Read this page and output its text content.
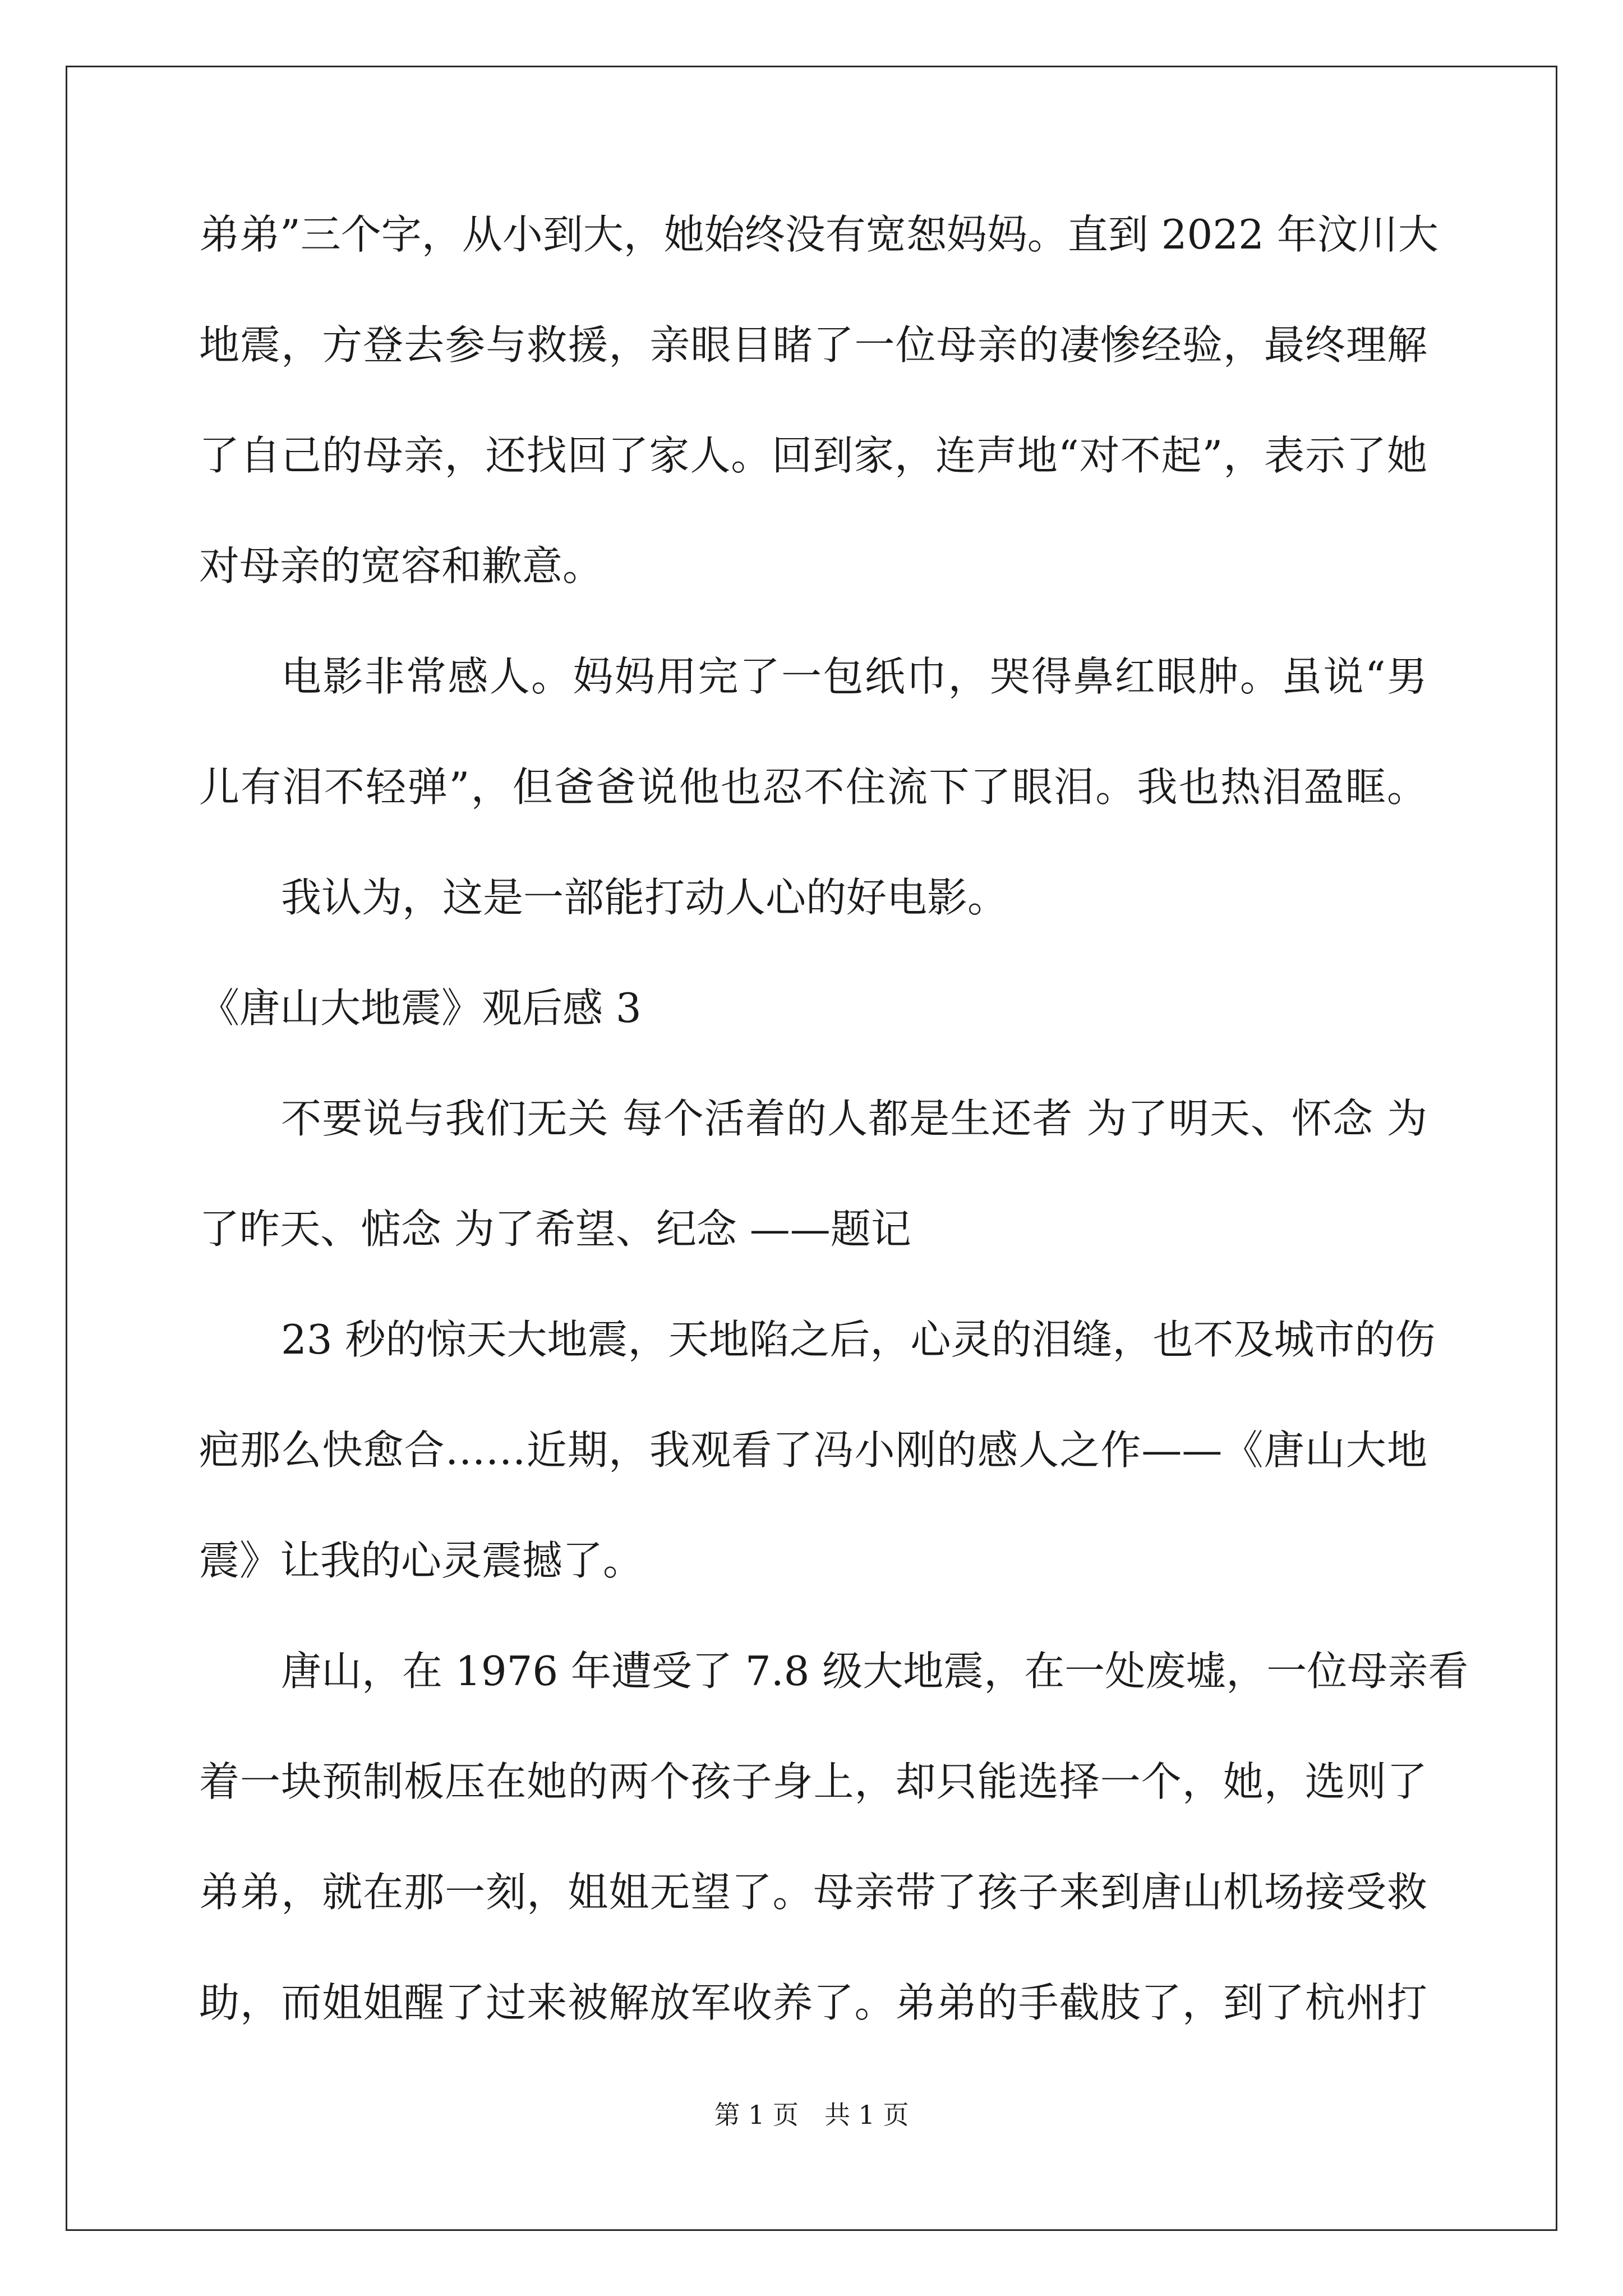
弟弟”三个字，从小到大，她始终没有宽恕妈妈。直到 2022 年汶川大
地震，方登去参与救援，亲眼目睹了一位母亲的凄惨经验，最终理解
了自己的母亲，还找回了家人。回到家，连声地“对不起”，表示了她
对母亲的宽容和歉意。
电影非常感人。妈妈用完了一包纸巾，哭得鼻红眼肿。虽说“男
儿有泪不轻弹”，但爸爸说他也忍不住流下了眼泪。我也热泪盈眶。
我认为，这是一部能打动人心的好电影。
《唐山大地震》观后感 3
不要说与我们无关 每个活着的人都是生还者 为了明天、怀念 为
了昨天、惦念 为了希望、纪念 ——题记
23 秒的惊天大地震，天地陷之后，心灵的泪缝，也不及城市的伤
疤那么快愈合……近期，我观看了冯小刚的感人之作——《唐山大地
震》让我的心灵震撼了。
唐山，在 1976 年遭受了 7.8 级大地震，在一处废墟，一位母亲看
着一块预制板压在她的两个孩子身上，却只能选择一个，她，选则了
弟弟，就在那一刻，姐姐无望了。母亲带了孩子来到唐山机场接受救
助，而姐姐醒了过来被解放军收养了。弟弟的手截肢了，到了杭州打
第 1 页　共 1 页
